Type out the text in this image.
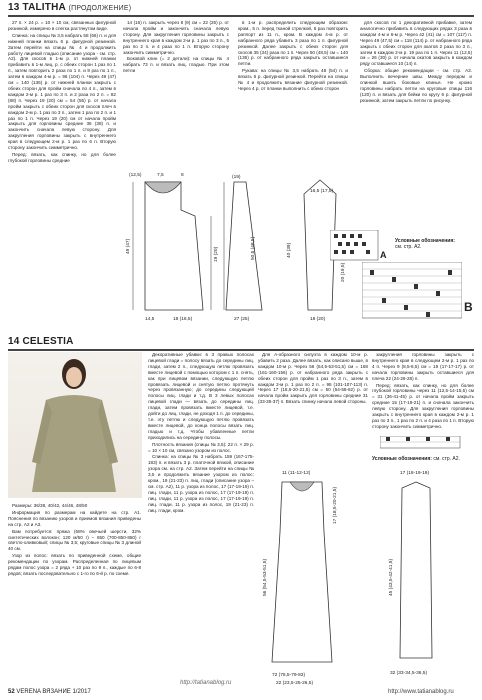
13 TALITHA (ПРОДОЛЖЕНИЕ)

27 п. × 24 р. = 10 × 10 см, связанных фигурной резинкой, измерено в слегка растянутом виде.

Спинка: на спицы № 3,5 набрать 58 (66) п. и для нижней планки вязать 6 р. фигурной резинкой. Затем перейти на спицы № 4 и продолжить работу лицевой гладью (описание узора - см. стр. А2). Для скосов в 1-м р. от нижней планки прибавить в 1-м лиц. р. с обеих сторон 1 раз по 1 п., затем повторить 2 раза по 1 п. и 8 раз по 1 п., затем в каждом 4-м р. = 96 (104) п. Через 49 (47) см = 140 (136) р. от нижней планки закрыть с обеих сторон для пройм сначала по 4 п., затем в каждом 2-м р. 1 раз по 3 п. и 2 раза по 2 п. = 82 (88) п. Через 19 (20) см = 54 (55) р. от начала пройм закрыть с обеих сторон для скосов плеч в каждом 2-м р. 1 раз по 3 п., затем 1 раз по 2 п. и 1 раз по 1 п. Через 19 (20) см от начала пройм закрыть для горловины средние 36 (38) п. и закончить сначала левую сторону. Для закругления горловины закрыть с внутреннего края в следующем 2-м р. 1 раз по 6 п. Вторую сторону закончить симметрично.

Перед: вязать, как спинку, но для более глубокой горловины средние

14 (16) п. закрыть через 8 (9) см = 22 (26) р. от начала пройм и закончить сначала левую сторону. Для закругления горловины закрыть с внутреннего края в каждом 2-м р. 1 раз по 3 п., 5 раз по 2 п. и 4 раза по 1 п. Вторую сторону закончить симметрично.

Боковой клин (= 2 детали): на спицы № 4 набрать 73 п. и вязать лиц. гладью. При этом петли

в 1-м р. распределить следующим образом: кром., 5 п. перед тканой стрелкой, 6 раз повторить раппорт из 11 п., кром. В каждом 4-м р. от набранного ряда убавить 3 раза по 1 п. фигурной резинкой. Далее закрыть с обеих сторон для скосов 35 (34) раза по 1 п. Через 50 (48,5) см = 140 (136) р. от набранного ряда закрыть оставшиеся петли.

Рукава: на спицы № 3,5 набрать 48 (54) п. и вязать 6 р. фигурной резинкой. Перейти на спицы № 4 и продолжить вязание фигурной резинкой. Через 4 р. от планки выполнить с обеих сторон

для скосов по 1 декоративной прибавке, затем аналогично прибавить в следующих рядах 3 раза в каждом 4-м и 6-м р. Через 42 (41) см = 107 (117) п. Через 49 (47,5) см = 118 (114) р. от набранного ряда закрыть с обеих сторон для окатов 2 раза по 3 п., затем в каждом 2-м р. 19 раз по 1 п. Через 11 (12,5) см = 26 (30) р. от начала окатов закрыть в каждом ряду оставшиеся 10 (14) п.

Сборка: общие рекомендации - см. стр. А3. Выполнить вечерние швы. Между передом и спинкой вшить боковые клинья. Не кромо горловины набрать петли на круговые спицы 116 (120) п. и вязать для бейки по кругу 6 р. фигурной резинкой, затем закрыть петли по рисунку.

(12,5)	7,5	8
49 (47)
19 (20)
14,5	18 (16,5)
(19)
50,5 (48,5)
27 (25)
16,5 (17,5)
40 (39)
20 (19,5)
18 (20)
A
Условные обозначения:
см. стр. А2.
B
14 CELESTIA

Размеры: 36/38, 40/42, 44/46, 48/50

Информация по размерам на кайдете на стр. А1. Пояснения по вязанию узоров и приемов вязания приведены на стр. А2 и А3.

Вам потребуется: пряжа (68% овечьей шерсти, 32% синтетических волокон; 120 м/50 г) – 650 (700-850-850) г светло-оливковый; спицы № 3,5; круговые спицы № 3 длиной 40 см.

Узор из полос: вязать по приведенной схеме, общие рекомендации по узорам. Распределенная по лицевым рядам полос узора = 2 ряда + 10 раз по 9 п., каждые по 6-8 рядов; вязать последовательно с 1-го по 6-й р. по схеме.

Декоративные убавки: в 3 правых полосах лицевой глади = полосу вязать до середины лиц. глади, затем 2 п., следующую петлю провязать вместе лицевой с помощью котором с 1 п. снять, как при лицевом вязании, следующую петлю провязать лицевой и снятую петлю протянуть через провязанную; до середины следующей полосы лиц. глади и т.д. В 3 левых полосах лицевой глади — вязать до середины лиц. глади, затем провязать вместе лицевой, т.е. дойти до лиц. глади, не доходя 1 п. до середины, т.е. эту петлю и следующую петлю провязать вместе лицевой, до конца полосы вязать лиц. гладью и т.д. Чтобы убавленные петли приходились на середину полосы.

Плотность вязания (спицы № 3,5): 22 п. × 29 р. = 10 × 10 см, связано узором из полос.

Спинка: на спицы № 3 набрать 159 (167-175-183) п. и вязать 3 р. платочной вязкой, описание узора см. на стр. А2. Затем перейти на спицы № 3,5 и продолжить вязание узором из полос: кром., 19 (21-23) п. лиц. глади (описание узора – см. стр. А2), 11 р. узора из полос, 17 (17-19-19) п. лиц. глади, 11 р. узора из полос, 17 (17-19-19) п. лиц. глади, 11 р. узора из полос, 17 (17-19-19) п. лиц. глади, 11 р. узора из полос, 19 (21-23) п. лиц. глади, кром.

Для А-образного силуэта в каждом 10-м р. убавить 2 раза. Далее вязать, как описано выше, в каждом 10-м р. Через 56 (54,5-53-51,5) см = 168 (161-160-156) р. от набранного ряда закрыть с обеих сторон для пройм 1 раз по 3 п., затем в каждом 2-м р. 1 раз по 2 п. = 95 (101-107-113) п. Через 17 (18,5-20-21,5) см = 50 (54-58-62) р. от начала пройм закрыть для горловины средние 31 (33-35-37) п. Вязать спинку начала левой стороны.

закругления горловины закрыть с внутреннего края в следующем 2-м р. 1 раз по 4 п. Через 9 (8,5-8,5) см = 19 (17-17-17) р. от начала горловины закрыть оставшиеся для плеча 22 (24-26-28) п.

Перед: вязать, как спинку, но для более глубокой горловины через 11 (12,5-14-15,5) см = 31 (36-41-45) р. от начала пройм закрыть средние 15 (17-19-21) п. и сначала закончить левую сторону. Для закругления горловины закрыть с внутреннего края в каждом 2-м р. 1 раз по 3 п., 1 раз по 2 п. и 4 раза по 1 п. Вторую сторону закончить симметрично.

Условные обозначения: см. стр. А2.
11 (11-12-12)
56 (54,5-53-51,5)
17 (18,5-20-21,5)
72 (75,5-79-83)
22 (23,5-25-26,5)
17 (18-19-19)
45 (43,5-42-41,5)
32 (33-34,5-36,5)
52 VERENA ВЯЗАНИЕ 1/2017
http://tatianablog.ru
http://www.tatianablog.ru
